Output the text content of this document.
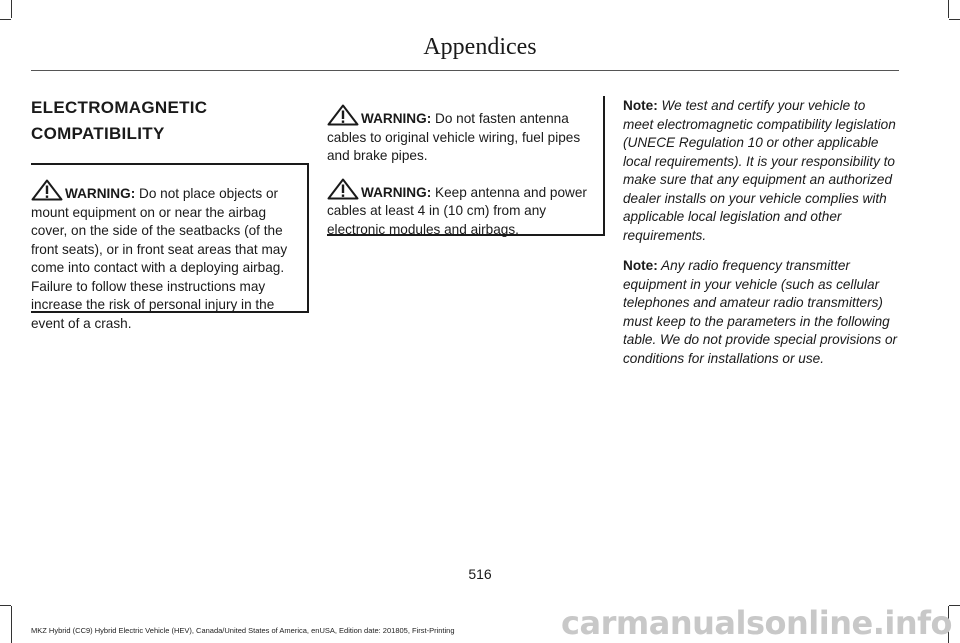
Appendices

ELECTROMAGNETIC

COMPATIBILITY

WARNING: Do not place objects or mount equipment on or near the airbag cover, on the side of the seatbacks (of the front seats), or in front seat areas that may come into contact with a deploying airbag. Failure to follow these instructions may increase the risk of personal injury in the event of a crash.

WARNING: Do not fasten antenna cables to original vehicle wiring, fuel pipes and brake pipes.

WARNING: Keep antenna and power cables at least 4 in (10 cm) from any electronic modules and airbags.

Note: We test and certify your vehicle to meet electromagnetic compatibility legislation (UNECE Regulation 10 or other applicable local requirements). It is your responsibility to make sure that any equipment an authorized dealer installs on your vehicle complies with applicable local legislation and other requirements.

Note: Any radio frequency transmitter equipment in your vehicle (such as cellular telephones and amateur radio transmitters) must keep to the parameters in the following table. We do not provide special provisions or conditions for installations or use.

516
MKZ Hybrid (CC9) Hybrid Electric Vehicle (HEV), Canada/United States of America, enUSA, Edition date: 201805, First-Printing	carmanualsonline.info
